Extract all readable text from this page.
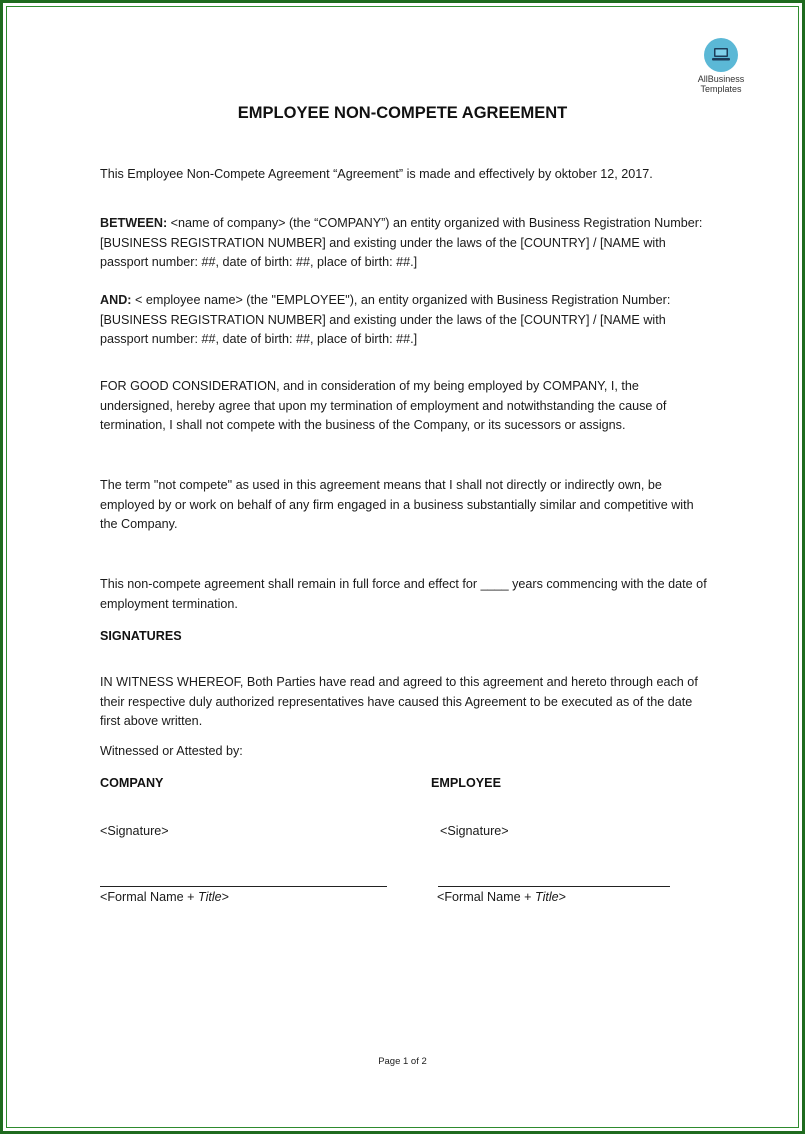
AllBusiness
Templates
EMPLOYEE NON-COMPETE AGREEMENT
This Employee Non-Compete Agreement “Agreement” is made and effectively by oktober 12, 2017.
BETWEEN: <name of company> (the “COMPANY”) an entity organized with Business Registration Number: [BUSINESS REGISTRATION NUMBER] and existing under the laws of the [COUNTRY] / [NAME with passport number: ##, date of birth: ##, place of birth: ##.]
AND: < employee name> (the "EMPLOYEE"), an entity organized with Business Registration Number: [BUSINESS REGISTRATION NUMBER] and existing under the laws of the [COUNTRY] / [NAME with passport number: ##, date of birth: ##, place of birth: ##.]
FOR GOOD CONSIDERATION, and in consideration of my being employed by COMPANY, I, the undersigned, hereby agree that upon my termination of employment and notwithstanding the cause of termination, I shall not compete with the business of the Company, or its sucessors or assigns.
The term "not compete" as used in this agreement means that I shall not directly or indirectly own, be employed by or work on behalf of any firm engaged in a business substantially similar and competitive with the Company.
This non-compete agreement shall remain in full force and effect for ____ years commencing with the date of employment termination.
SIGNATURES
IN WITNESS WHEREOF, Both Parties have read and agreed to this agreement and hereto through each of their respective duly authorized representatives have caused this Agreement to be executed as of the date first above written.
Witnessed or Attested by:
COMPANY	EMPLOYEE
<Signature>	<Signature>
<Formal Name + Title>	<Formal Name + Title>
Page 1 of 2
